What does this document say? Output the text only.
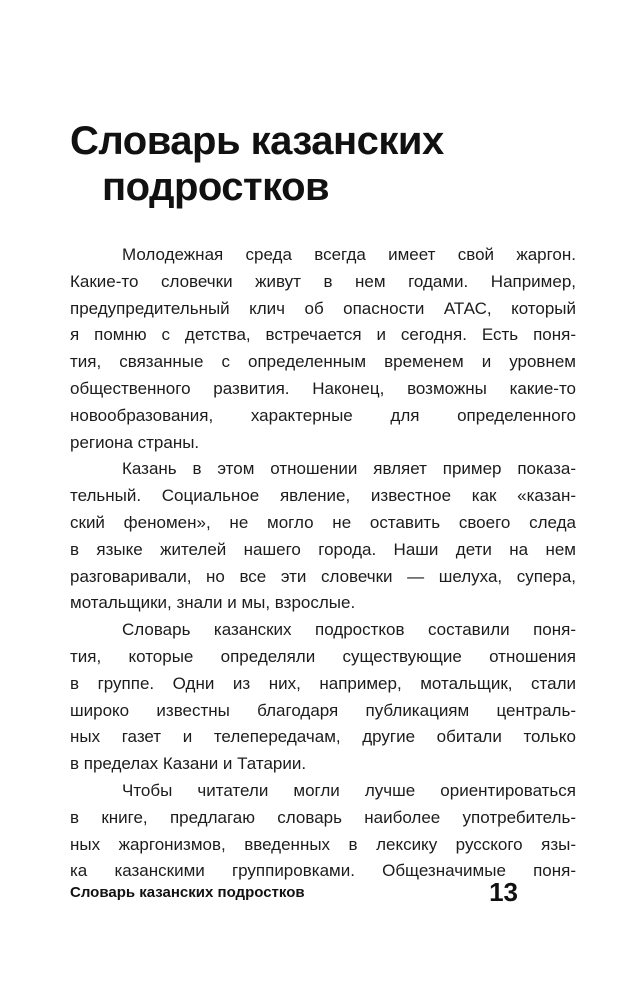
Словарь казанских
подростков
Молодежная среда всегда имеет свой жаргон.
Какие-то словечки живут в нем годами. Например,
предупредительный клич об опасности АТАС, который
я помню с детства, встречается и сегодня. Есть поня-
тия, связанные с определенным временем и уровнем
общественного развития. Наконец, возможны какие-то
новообразования, характерные для определенного
региона страны.
Казань в этом отношении являет пример показа-
тельный. Социальное явление, известное как «казан-
ский феномен», не могло не оставить своего следа
в языке жителей нашего города. Наши дети на нем
разговаривали, но все эти словечки — шелуха, супера,
мотальщики, знали и мы, взрослые.
Словарь казанских подростков составили поня-
тия, которые определяли существующие отношения
в группе. Одни из них, например, мотальщик, стали
широко известны благодаря публикациям централь-
ных газет и телепередачам, другие обитали только
в пределах Казани и Татарии.
Чтобы читатели могли лучше ориентироваться
в книге, предлагаю словарь наиболее употребитель-
ных жаргонизмов, введенных в лексику русского язы-
ка казанскими группировками. Общезначимые поня-
Словарь казанских подростков	13
